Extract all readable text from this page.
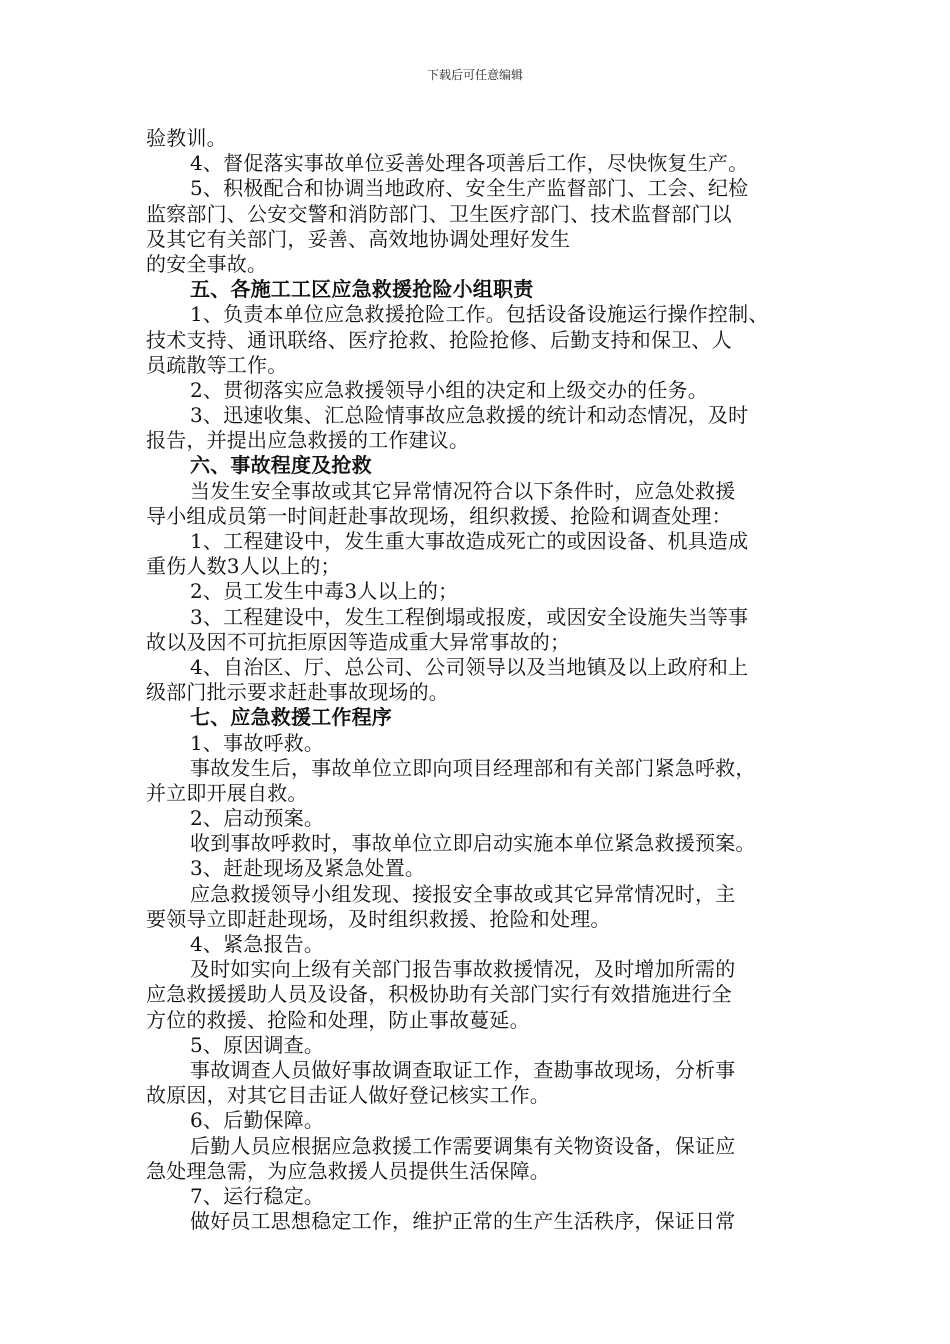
下载后可任意编辑
验教训。
4、督促落实事故单位妥善处理各项善后工作，尽快恢复生产。
5、积极配合和协调当地政府、安全生产监督部门、工会、纪检
监察部门、公安交警和消防部门、卫生医疗部门、技术监督部门以
及其它有关部门，妥善、高效地协调处理好发生
的安全事故。
五、各施工工区应急救援抢险小组职责
1、负责本单位应急救援抢险工作。包括设备设施运行操作控制、
技术支持、通讯联络、医疗抢救、抢险抢修、后勤支持和保卫、人
员疏散等工作。
2、贯彻落实应急救援领导小组的决定和上级交办的任务。
3、迅速收集、汇总险情事故应急救援的统计和动态情况，及时
报告，并提出应急救援的工作建议。
六、事故程度及抢救
当发生安全事故或其它异常情况符合以下条件时，应急处救援
导小组成员第一时间赶赴事故现场，组织救援、抢险和调查处理：
1、工程建设中，发生重大事故造成死亡的或因设备、机具造成
重伤人数3人以上的；
2、员工发生中毒3人以上的；
3、工程建设中，发生工程倒塌或报废，或因安全设施失当等事
故以及因不可抗拒原因等造成重大异常事故的；
4、自治区、厅、总公司、公司领导以及当地镇及以上政府和上
级部门批示要求赶赴事故现场的。
七、应急救援工作程序
1、事故呼救。
事故发生后，事故单位立即向项目经理部和有关部门紧急呼救，
并立即开展自救。
2、启动预案。
收到事故呼救时，事故单位立即启动实施本单位紧急救援预案。
3、赶赴现场及紧急处置。
应急救援领导小组发现、接报安全事故或其它异常情况时，主
要领导立即赶赴现场，及时组织救援、抢险和处理。
4、紧急报告。
及时如实向上级有关部门报告事故救援情况，及时增加所需的
应急救援援助人员及设备，积极协助有关部门实行有效措施进行全
方位的救援、抢险和处理，防止事故蔓延。
5、原因调查。
事故调查人员做好事故调查取证工作，查勘事故现场，分析事
故原因，对其它目击证人做好登记核实工作。
6、后勤保障。
后勤人员应根据应急救援工作需要调集有关物资设备，保证应
急处理急需，为应急救援人员提供生活保障。
7、运行稳定。
做好员工思想稳定工作，维护正常的生产生活秩序，保证日常
